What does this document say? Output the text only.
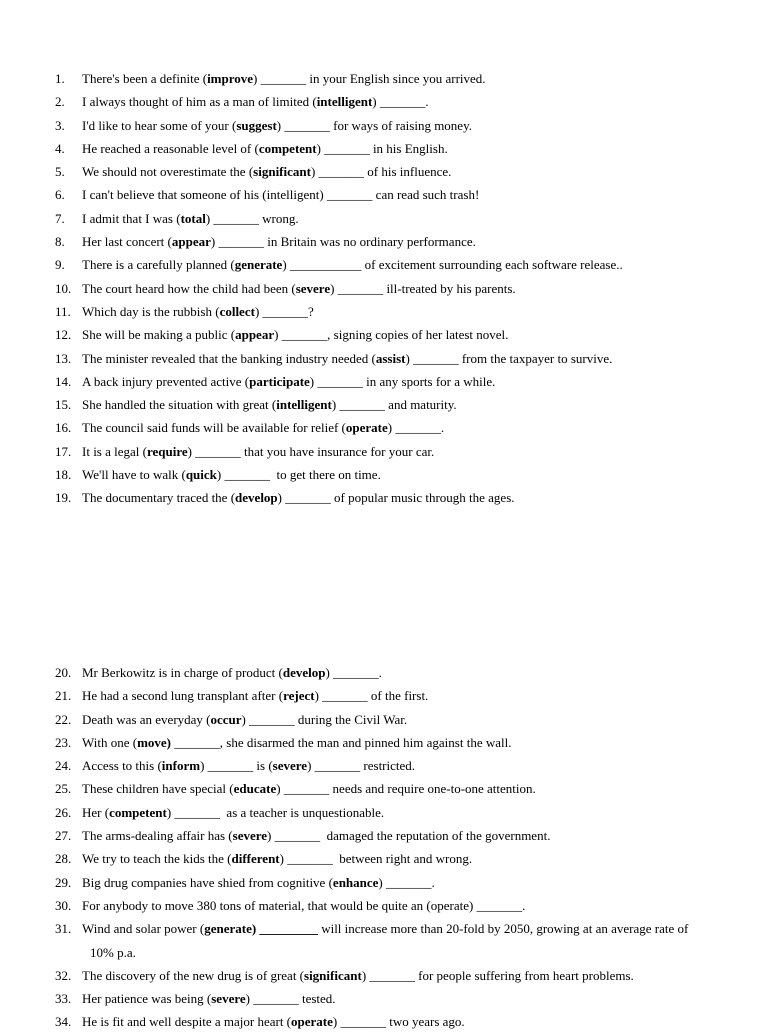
1. There's been a definite (improve) _______ in your English since you arrived.
2. I always thought of him as a man of limited (intelligent) _______.
3. I'd like to hear some of your (suggest) _______ for ways of raising money.
4. He reached a reasonable level of (competent) _______ in his English.
5. We should not overestimate the (significant) _______ of his influence.
6. I can't believe that someone of his (intelligent) _______ can read such trash!
7. I admit that I was (total) _______ wrong.
8. Her last concert (appear) _______ in Britain was no ordinary performance.
9. There is a carefully planned (generate) ___________ of excitement surrounding each software release..
10. The court heard how the child had been (severe) _______ ill-treated by his parents.
11. Which day is the rubbish (collect) _______?
12. She will be making a public (appear) _______, signing copies of her latest novel.
13. The minister revealed that the banking industry needed (assist) _______ from the taxpayer to survive.
14. A back injury prevented active (participate) _______ in any sports for a while.
15. She handled the situation with great (intelligent) _______ and maturity.
16. The council said funds will be available for relief (operate) _______.
17. It is a legal (require) _______ that you have insurance for your car.
18. We'll have to walk (quick) _______  to get there on time.
19. The documentary traced the (develop) _______ of popular music through the ages.
20. Mr Berkowitz is in charge of product (develop) _______.
21. He had a second lung transplant after (reject) _______ of the first.
22. Death was an everyday (occur) _______ during the Civil War.
23. With one (move) _______, she disarmed the man and pinned him against the wall.
24. Access to this (inform) _______ is (severe) _______ restricted.
25. These children have special (educate) _______ needs and require one-to-one attention.
26. Her (competent) _______  as a teacher is unquestionable.
27. The arms-dealing affair has (severe) _______  damaged the reputation of the government.
28. We try to teach the kids the (different) _______  between right and wrong.
29. Big drug companies have shied from cognitive (enhance) _______.
30. For anybody to move 380 tons of material, that would be quite an (operate) _______.
31. Wind and solar power (generate) _________ will increase more than 20-fold by 2050, growing at an average rate of
10% p.a.
32. The discovery of the new drug is of great (significant) _______ for people suffering from heart problems.
33. Her patience was being (severe) _______ tested.
34. He is fit and well despite a major heart (operate) _______ two years ago.
